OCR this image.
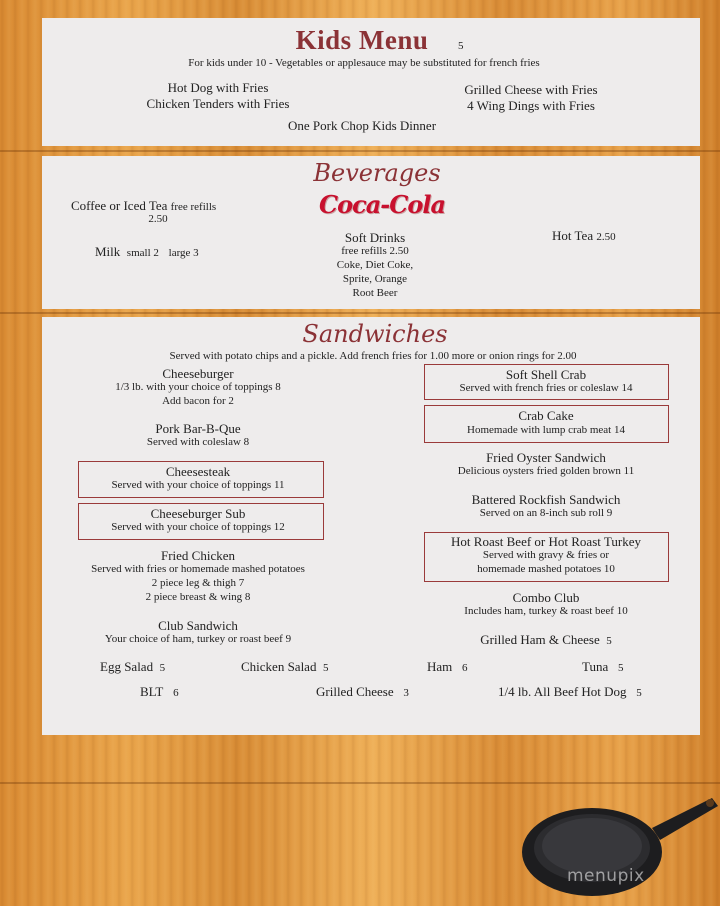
Kids Menu	5
For kids under 10 - Vegetables or applesauce may be substituted for french fries
Hot Dog with Fries
Chicken Tenders with Fries
Grilled Cheese with Fries
4 Wing Dings with Fries
One Pork Chop Kids Dinner
Beverages
Coca-Cola
Coffee or Iced Tea free refills
2.50
Milk small 2 large 3
Soft Drinks
free refills 2.50
Coke, Diet Coke,
Sprite, Orange
Root Beer
Hot Tea 2.50
Sandwiches
Served with potato chips and a pickle. Add french fries for 1.00 more or onion rings for 2.00
Cheeseburger
1/3 lb. with your choice of toppings 8
Add bacon for 2
Pork Bar-B-Que
Served with coleslaw 8
Cheesesteak
Served with your choice of toppings 11
Cheeseburger Sub
Served with your choice of toppings 12
Fried Chicken
Served with fries or homemade mashed potatoes
2 piece leg & thigh 7
2 piece breast & wing 8
Club Sandwich
Your choice of ham, turkey or roast beef 9
Soft Shell Crab
Served with french fries or coleslaw 14
Crab Cake
Homemade with lump crab meat 14
Fried Oyster Sandwich
Delicious oysters fried golden brown 11
Battered Rockfish Sandwich
Served on an 8-inch sub roll 9
Hot Roast Beef or Hot Roast Turkey
Served with gravy & fries or
homemade mashed potatoes 10
Combo Club
Includes ham, turkey & roast beef 10
Grilled Ham & Cheese 5
Egg Salad 5	Chicken Salad 5	Ham 6	Tuna 5
BLT 6	Grilled Cheese 3	1/4 lb. All Beef Hot Dog 5
menupix
